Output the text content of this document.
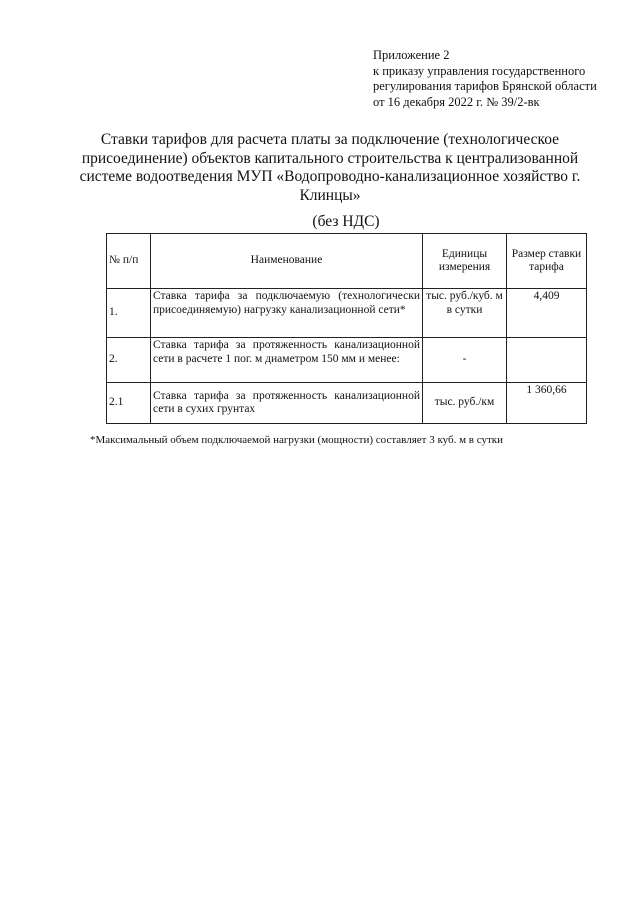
Приложение 2
к приказу управления государственного
регулирования тарифов Брянской области
от 16 декабря 2022 г. № 39/2-вк
Ставки тарифов для расчета платы за подключение (технологическое присоединение) объектов капитального строительства к централизованной системе водоотведения МУП «Водопроводно-канализационное хозяйство г. Клинцы»
(без НДС)
№ п/п	Наименование	Единицы измерения	Размер ставки тарифа
1.	Ставка тарифа за подключаемую (технологически присоединяемую) нагрузку канализационной сети*	тыс. руб./куб. м в сутки	4,409
2.	Ставка тарифа за протяженность канализационной сети в расчете 1 пог. м диаметром 150 мм и менее:	-	
2.1	Ставка тарифа за протяженность канализационной сети в сухих грунтах	тыс. руб./км	1 360,66
*Максимальный объем подключаемой нагрузки (мощности) составляет 3 куб. м в сутки
